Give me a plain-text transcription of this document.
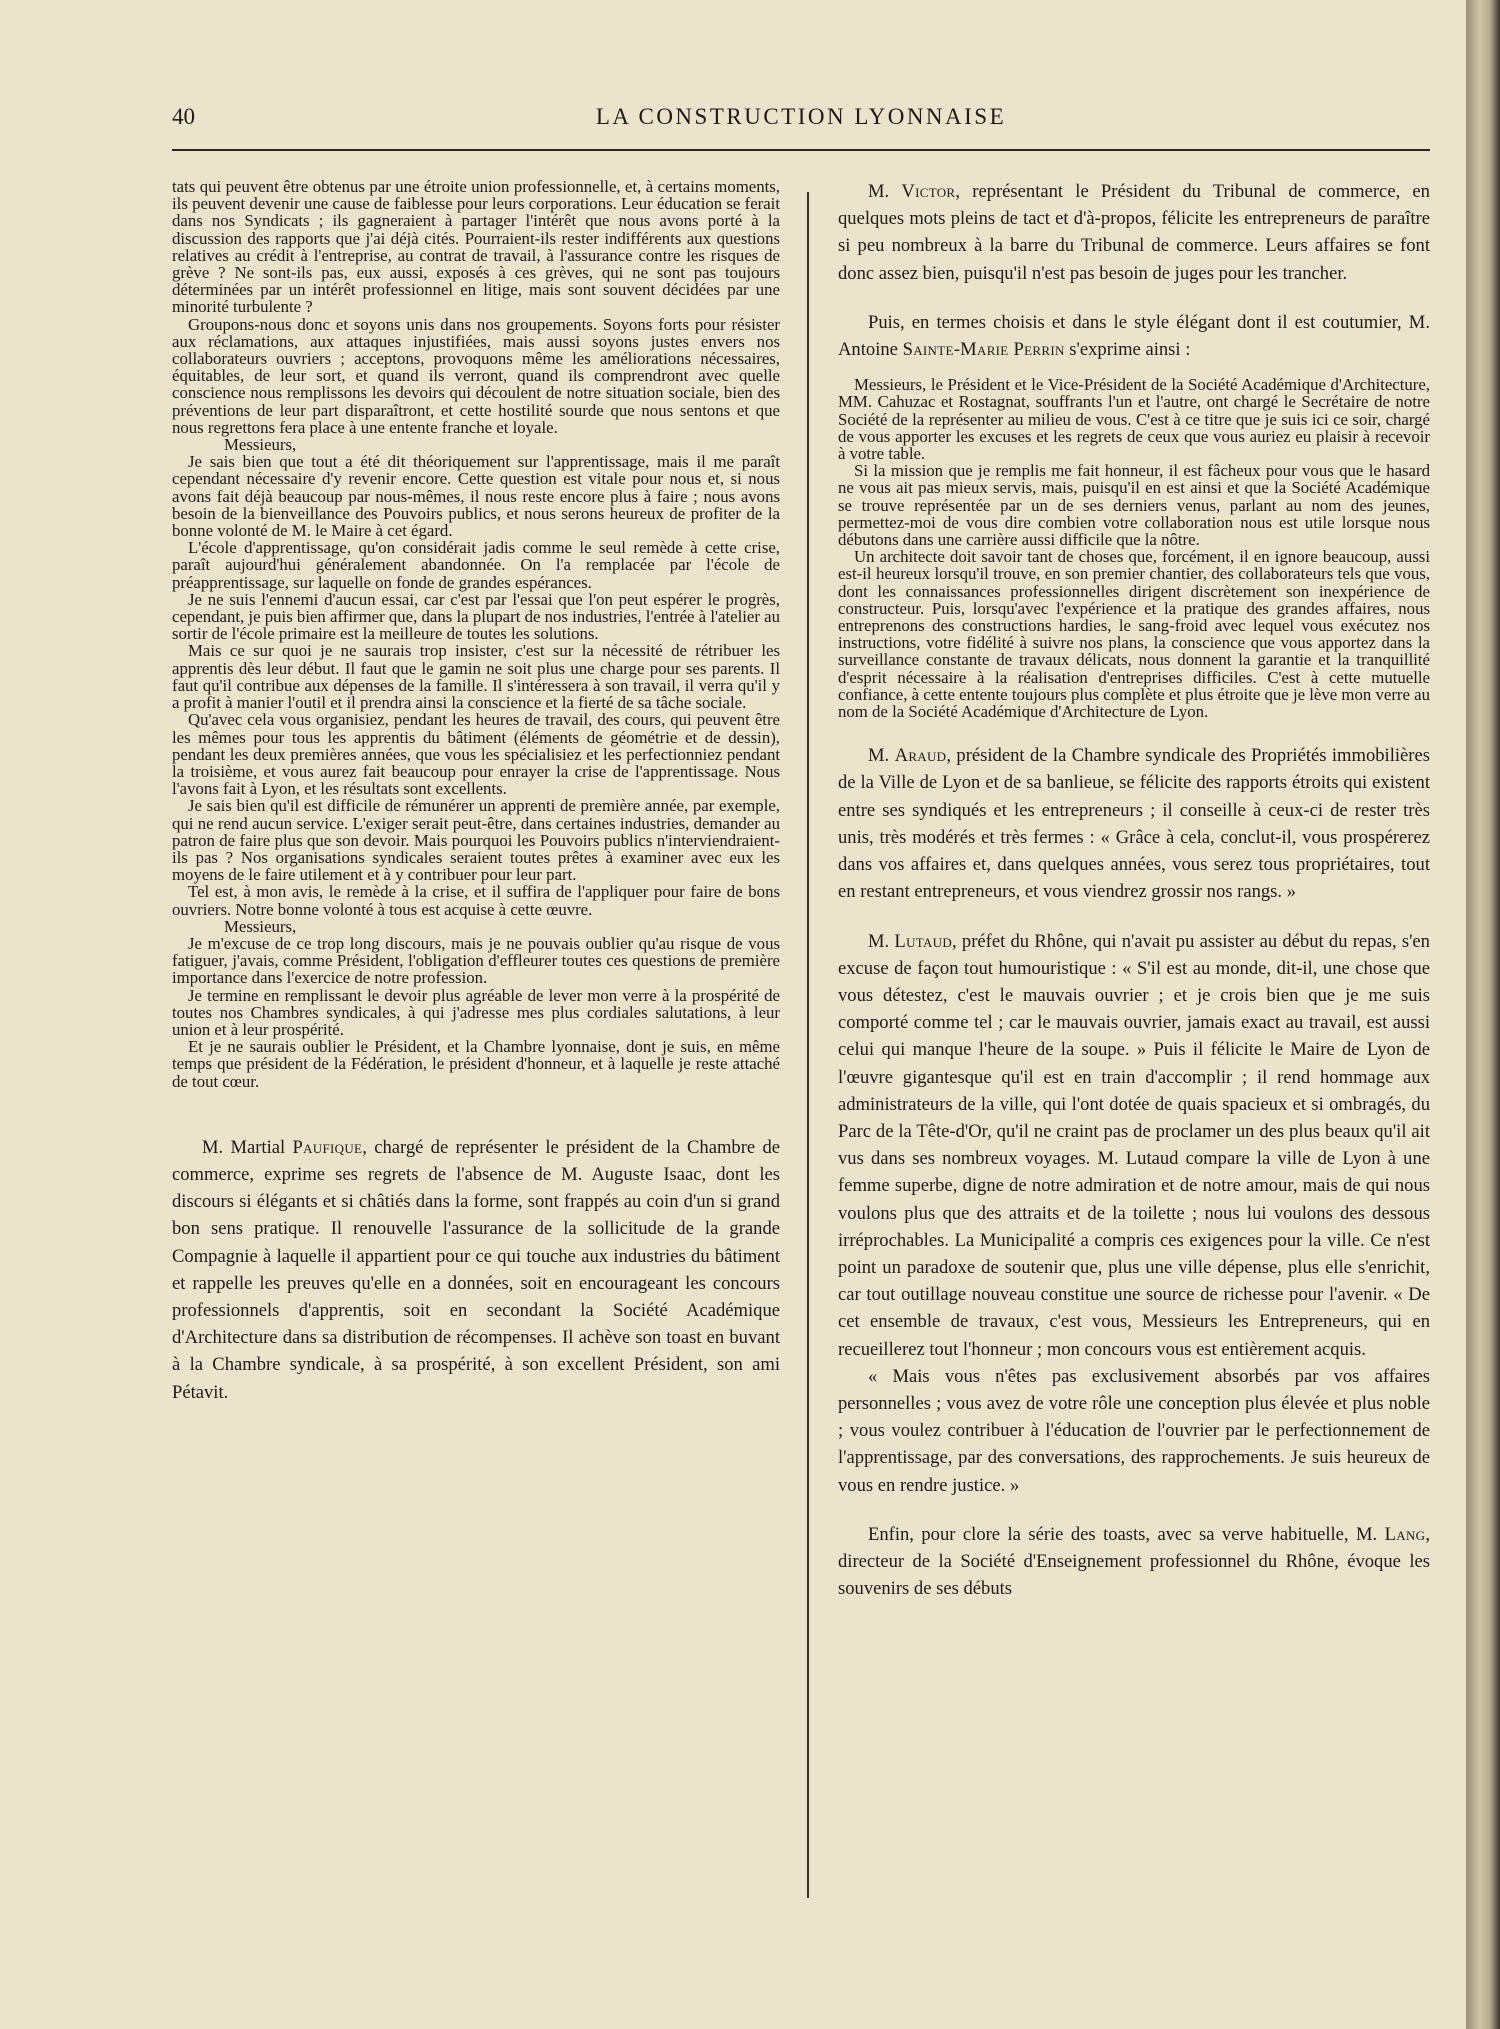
40	LA CONSTRUCTION LYONNAISE

tats qui peuvent être obtenus par une étroite union professionnelle, et, à certains moments, ils peuvent devenir une cause de faiblesse pour leurs corporations. Leur éducation se ferait dans nos Syndicats ; ils gagneraient à partager l'intérêt que nous avons porté à la discussion des rapports que j'ai déjà cités. Pourraient-ils rester indifférents aux questions relatives au crédit à l'entreprise, au contrat de travail, à l'assurance contre les risques de grève ? Ne sont-ils pas, eux aussi, exposés à ces grèves, qui ne sont pas toujours déterminées par un intérêt professionnel en litige, mais sont souvent décidées par une minorité turbulente ?

Groupons-nous donc et soyons unis dans nos groupements. Soyons forts pour résister aux réclamations, aux attaques injustifiées, mais aussi soyons justes envers nos collaborateurs ouvriers ; acceptons, provoquons même les améliorations nécessaires, équitables, de leur sort, et quand ils verront, quand ils comprendront avec quelle conscience nous remplissons les devoirs qui découlent de notre situation sociale, bien des préventions de leur part disparaîtront, et cette hostilité sourde que nous sentons et que nous regrettons fera place à une entente franche et loyale.

Messieurs,

Je sais bien que tout a été dit théoriquement sur l'apprentissage, mais il me paraît cependant nécessaire d'y revenir encore. Cette question est vitale pour nous et, si nous avons fait déjà beaucoup par nous-mêmes, il nous reste encore plus à faire ; nous avons besoin de la bienveillance des Pouvoirs publics, et nous serons heureux de profiter de la bonne volonté de M. le Maire à cet égard.

L'école d'apprentissage, qu'on considérait jadis comme le seul remède à cette crise, paraît aujourd'hui généralement abandonnée. On l'a remplacée par l'école de préapprentissage, sur laquelle on fonde de grandes espérances.

Je ne suis l'ennemi d'aucun essai, car c'est par l'essai que l'on peut espérer le progrès, cependant, je puis bien affirmer que, dans la plupart de nos industries, l'entrée à l'atelier au sortir de l'école primaire est la meilleure de toutes les solutions.

Mais ce sur quoi je ne saurais trop insister, c'est sur la nécessité de rétribuer les apprentis dès leur début. Il faut que le gamin ne soit plus une charge pour ses parents. Il faut qu'il contribue aux dépenses de la famille. Il s'intéressera à son travail, il verra qu'il y a profit à manier l'outil et il prendra ainsi la conscience et la fierté de sa tâche sociale.

Qu'avec cela vous organisiez, pendant les heures de travail, des cours, qui peuvent être les mêmes pour tous les apprentis du bâtiment (éléments de géométrie et de dessin), pendant les deux premières années, que vous les spécialisiez et les perfectionniez pendant la troisième, et vous aurez fait beaucoup pour enrayer la crise de l'apprentissage. Nous l'avons fait à Lyon, et les résultats sont excellents.

Je sais bien qu'il est difficile de rémunérer un apprenti de première année, par exemple, qui ne rend aucun service. L'exiger serait peut-être, dans certaines industries, demander au patron de faire plus que son devoir. Mais pourquoi les Pouvoirs publics n'interviendraient-ils pas ? Nos organisations syndicales seraient toutes prêtes à examiner avec eux les moyens de le faire utilement et à y contribuer pour leur part.

Tel est, à mon avis, le remède à la crise, et il suffira de l'appliquer pour faire de bons ouvriers. Notre bonne volonté à tous est acquise à cette œuvre.

Messieurs,

Je m'excuse de ce trop long discours, mais je ne pouvais oublier qu'au risque de vous fatiguer, j'avais, comme Président, l'obligation d'effleurer toutes ces questions de première importance dans l'exercice de notre profession.

Je termine en remplissant le devoir plus agréable de lever mon verre à la prospérité de toutes nos Chambres syndicales, à qui j'adresse mes plus cordiales salutations, à leur union et à leur prospérité.

Et je ne saurais oublier le Président, et la Chambre lyonnaise, dont je suis, en même temps que président de la Fédération, le président d'honneur, et à laquelle je reste attaché de tout cœur.

M. Martial Paufique, chargé de représenter le président de la Chambre de commerce, exprime ses regrets de l'absence de M. Auguste Isaac, dont les discours si élégants et si châtiés dans la forme, sont frappés au coin d'un si grand bon sens pratique. Il renouvelle l'assurance de la sollicitude de la grande Compagnie à laquelle il appartient pour ce qui touche aux industries du bâtiment et rappelle les preuves qu'elle en a données, soit en encourageant les concours professionnels d'apprentis, soit en secondant la Société Académique d'Architecture dans sa distribution de récompenses. Il achève son toast en buvant à la Chambre syndicale, à sa prospérité, à son excellent Président, son ami Pétavit.

M. Victor, représentant le Président du Tribunal de commerce, en quelques mots pleins de tact et d'à-propos, félicite les entrepreneurs de paraître si peu nombreux à la barre du Tribunal de commerce. Leurs affaires se font donc assez bien, puisqu'il n'est pas besoin de juges pour les trancher.

Puis, en termes choisis et dans le style élégant dont il est coutumier, M. Antoine Sainte-Marie Perrin s'exprime ainsi :

Messieurs, le Président et le Vice-Président de la Société Académique d'Architecture, MM. Cahuzac et Rostagnat, souffrants l'un et l'autre, ont chargé le Secrétaire de notre Société de la représenter au milieu de vous. C'est à ce titre que je suis ici ce soir, chargé de vous apporter les excuses et les regrets de ceux que vous auriez eu plaisir à recevoir à votre table.

Si la mission que je remplis me fait honneur, il est fâcheux pour vous que le hasard ne vous ait pas mieux servis, mais, puisqu'il en est ainsi et que la Société Académique se trouve représentée par un de ses derniers venus, parlant au nom des jeunes, permettez-moi de vous dire combien votre collaboration nous est utile lorsque nous débutons dans une carrière aussi difficile que la nôtre.

Un architecte doit savoir tant de choses que, forcément, il en ignore beaucoup, aussi est-il heureux lorsqu'il trouve, en son premier chantier, des collaborateurs tels que vous, dont les connaissances professionnelles dirigent discrètement son inexpérience de constructeur. Puis, lorsqu'avec l'expérience et la pratique des grandes affaires, nous entreprenons des constructions hardies, le sang-froid avec lequel vous exécutez nos instructions, votre fidélité à suivre nos plans, la conscience que vous apportez dans la surveillance constante de travaux délicats, nous donnent la garantie et la tranquillité d'esprit nécessaire à la réalisation d'entreprises difficiles. C'est à cette mutuelle confiance, à cette entente toujours plus complète et plus étroite que je lève mon verre au nom de la Société Académique d'Architecture de Lyon.

M. Araud, président de la Chambre syndicale des Propriétés immobilières de la Ville de Lyon et de sa banlieue, se félicite des rapports étroits qui existent entre ses syndiqués et les entrepreneurs ; il conseille à ceux-ci de rester très unis, très modérés et très fermes : « Grâce à cela, conclut-il, vous prospérerez dans vos affaires et, dans quelques années, vous serez tous propriétaires, tout en restant entrepreneurs, et vous viendrez grossir nos rangs. »

M. Lutaud, préfet du Rhône, qui n'avait pu assister au début du repas, s'en excuse de façon tout humouristique : « S'il est au monde, dit-il, une chose que vous détestez, c'est le mauvais ouvrier ; et je crois bien que je me suis comporté comme tel ; car le mauvais ouvrier, jamais exact au travail, est aussi celui qui manque l'heure de la soupe. » Puis il félicite le Maire de Lyon de l'œuvre gigantesque qu'il est en train d'accomplir ; il rend hommage aux administrateurs de la ville, qui l'ont dotée de quais spacieux et si ombragés, du Parc de la Tête-d'Or, qu'il ne craint pas de proclamer un des plus beaux qu'il ait vus dans ses nombreux voyages. M. Lutaud compare la ville de Lyon à une femme superbe, digne de notre admiration et de notre amour, mais de qui nous voulons plus que des attraits et de la toilette ; nous lui voulons des dessous irréprochables. La Municipalité a compris ces exigences pour la ville. Ce n'est point un paradoxe de soutenir que, plus une ville dépense, plus elle s'enrichit, car tout outillage nouveau constitue une source de richesse pour l'avenir. « De cet ensemble de travaux, c'est vous, Messieurs les Entrepreneurs, qui en recueillerez tout l'honneur ; mon concours vous est entièrement acquis.

« Mais vous n'êtes pas exclusivement absorbés par vos affaires personnelles ; vous avez de votre rôle une conception plus élevée et plus noble ; vous voulez contribuer à l'éducation de l'ouvrier par le perfectionnement de l'apprentissage, par des conversations, des rapprochements. Je suis heureux de vous en rendre justice. »

Enfin, pour clore la série des toasts, avec sa verve habituelle, M. Lang, directeur de la Société d'Enseignement professionnel du Rhône, évoque les souvenirs de ses débuts
